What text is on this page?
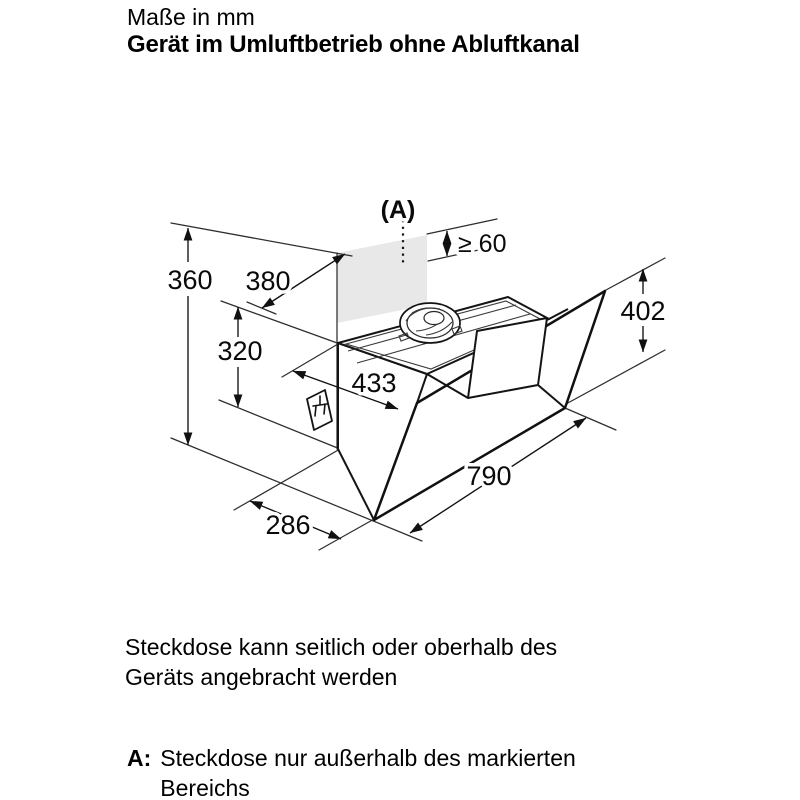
Maße in mm
Gerät im Umluftbetrieb ohne Abluftkanal
(A)
≥ 60
360 380
320
433
286
790
402
Steckdose kann seitlich oder oberhalb des Geräts angebracht werden
A: Steckdose nur außerhalb des markierten Bereichs
